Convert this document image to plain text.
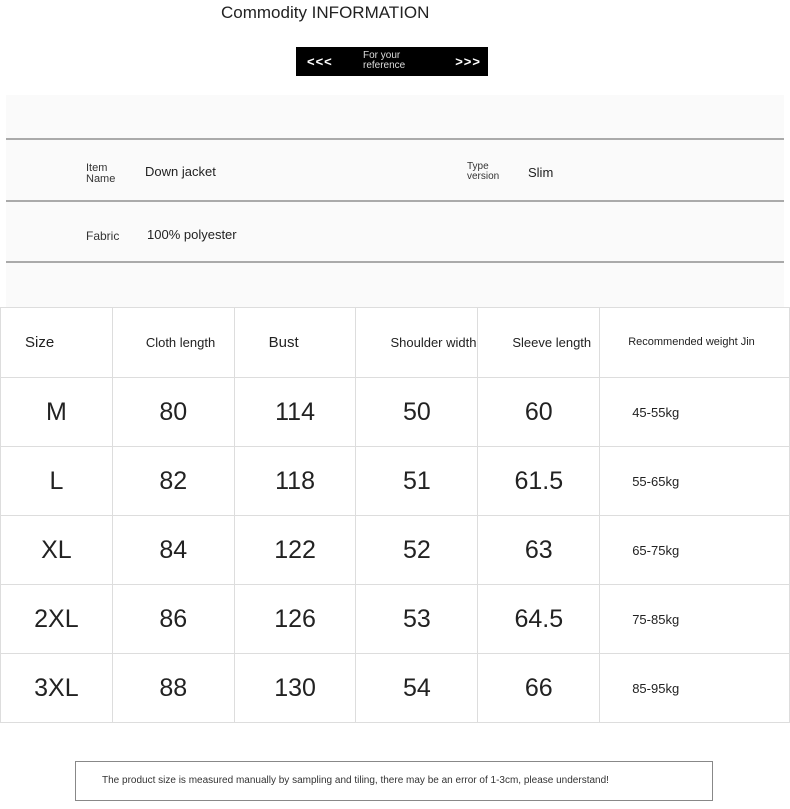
Commodity INFORMATION
<<<	For your reference	>>>
Item Name	Down jacket	Type version	Slim
Fabric 100% polyester
Size	Cloth length	Bust	Shoulder width	Sleeve length	Recommended weight Jin
M	80	114	50	60	45-55kg
L	82	118	51	61.5	55-65kg
XL	84	122	52	63	65-75kg
2XL	86	126	53	64.5	75-85kg
3XL	88	130	54	66	85-95kg
The product size is measured manually by sampling and tiling, there may be an error of 1-3cm, please understand!
